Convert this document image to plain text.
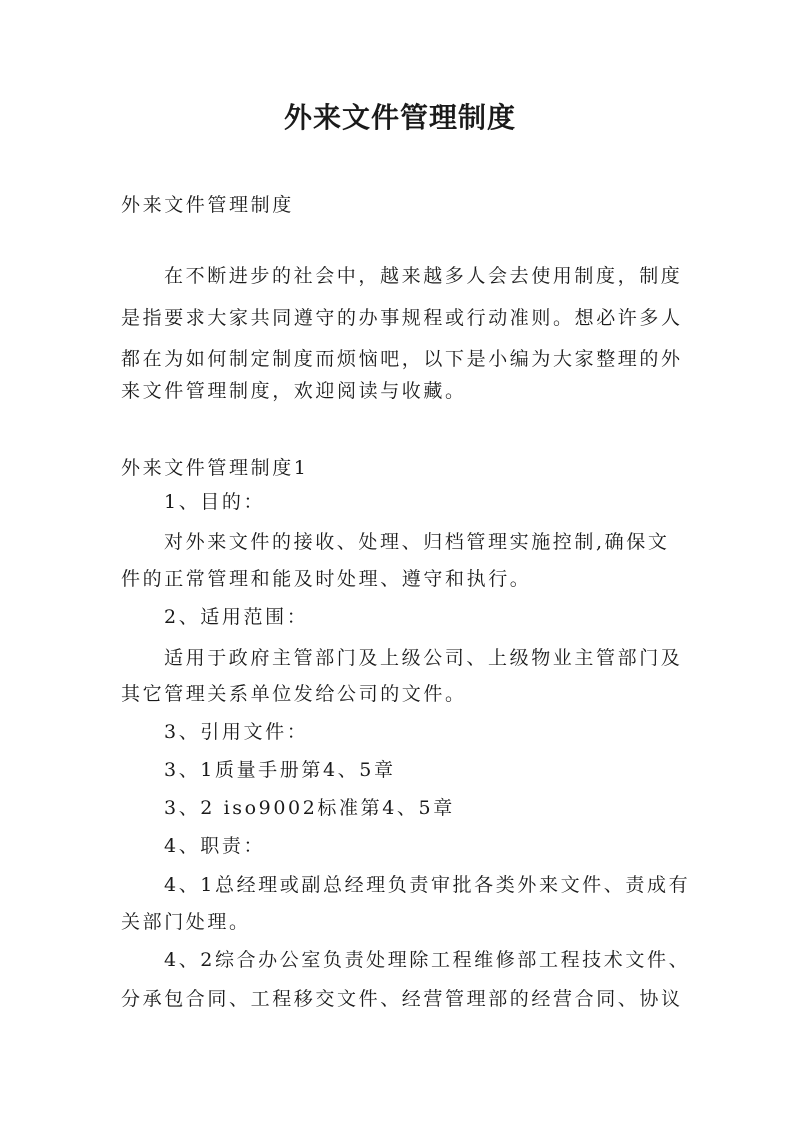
外来文件管理制度

外来文件管理制度

在不断进步的社会中，越来越多人会去使用制度，制度

是指要求大家共同遵守的办事规程或行动准则。想必许多人

都在为如何制定制度而烦恼吧，以下是小编为大家整理的外

来文件管理制度，欢迎阅读与收藏。

外来文件管理制度1

1、目的：

对外来文件的接收、处理、归档管理实施控制,确保文

件的正常管理和能及时处理、遵守和执行。

2、适用范围：

适用于政府主管部门及上级公司、上级物业主管部门及

其它管理关系单位发给公司的文件。

3、引用文件：

3、1质量手册第4、5章

3、2 iso9002标准第4、5章

4、职责：

4、1总经理或副总经理负责审批各类外来文件、责成有

关部门处理。

4、2综合办公室负责处理除工程维修部工程技术文件、

分承包合同、工程移交文件、经营管理部的经营合同、协议
